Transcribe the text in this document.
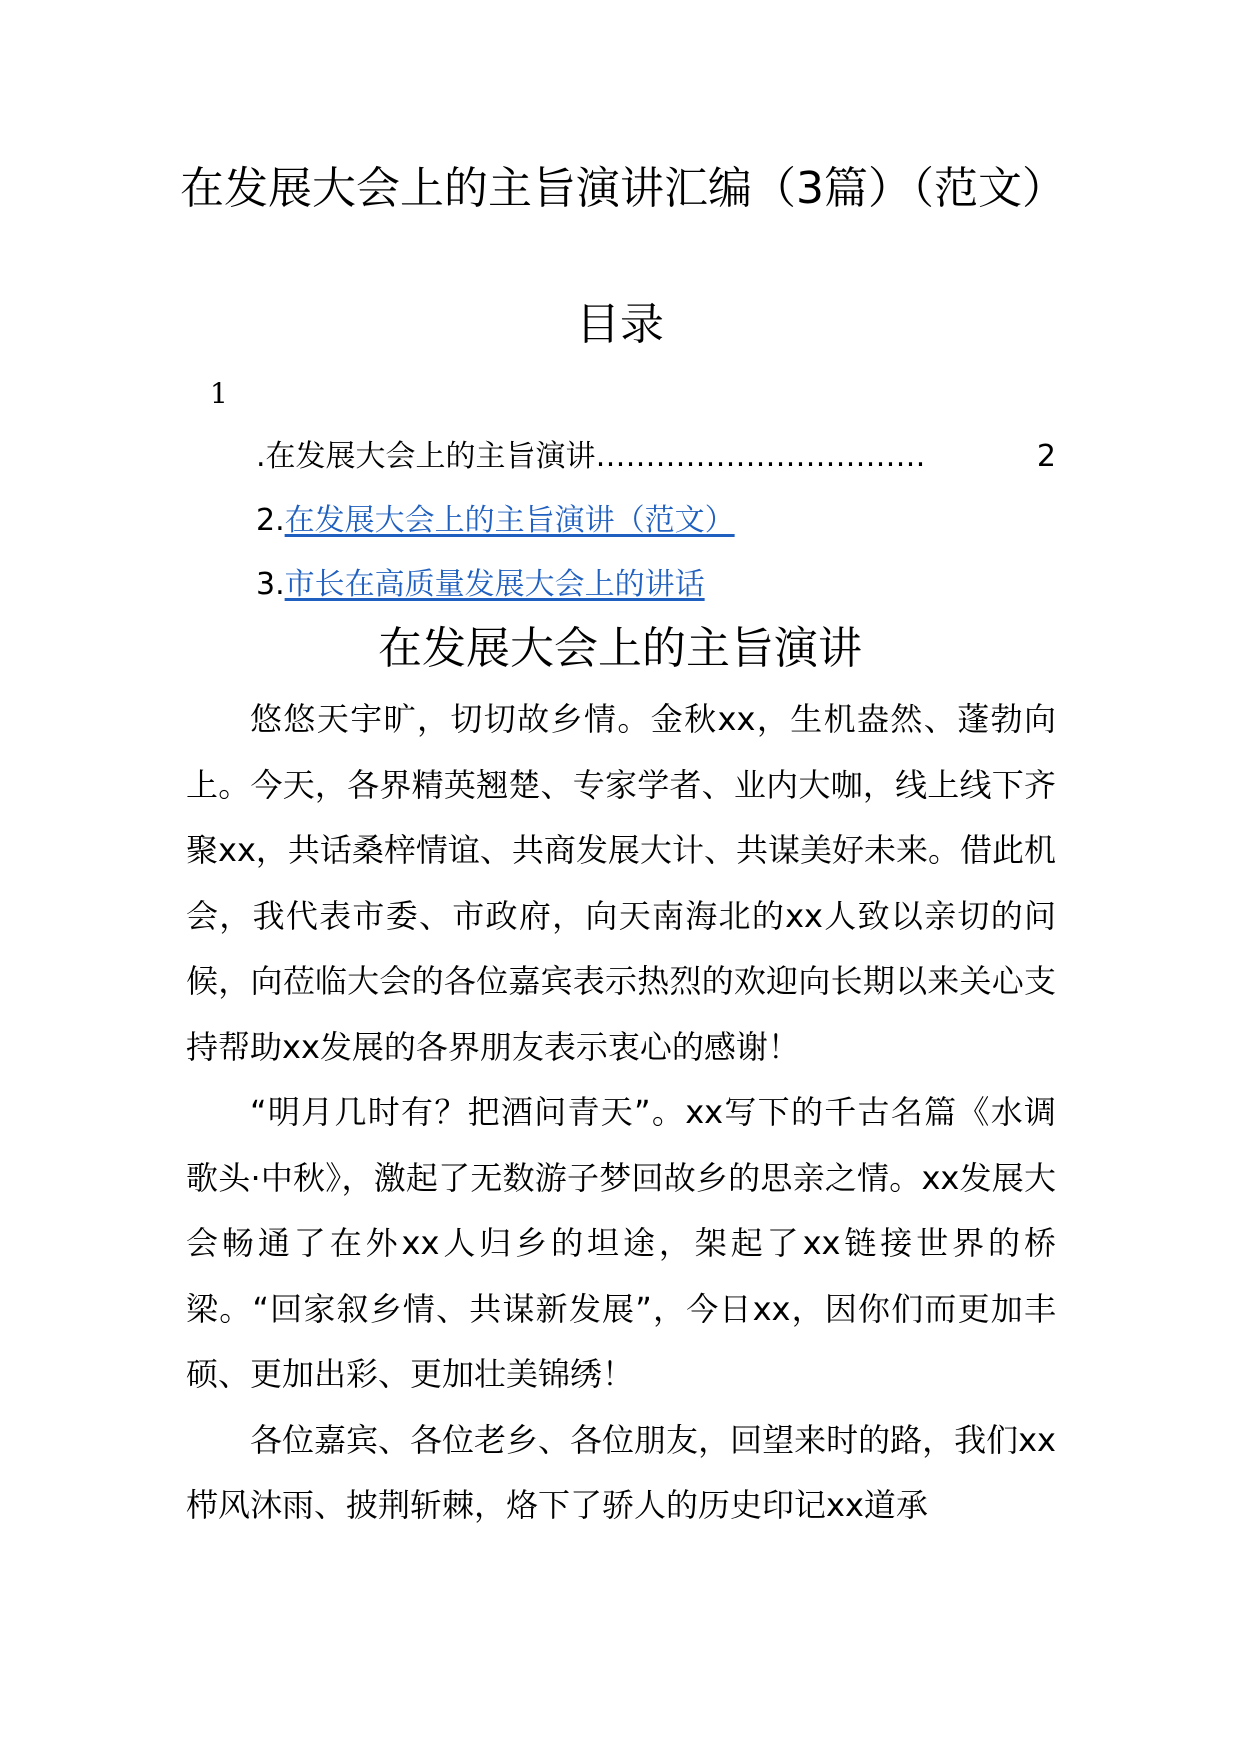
在发展大会上的主旨演讲汇编（3篇）（范文）
目录
1
.在发展大会上的主旨演讲……………………………	2
2.在发展大会上的主旨演讲（范文）
3.市长在高质量发展大会上的讲话
在发展大会上的主旨演讲

悠悠天宇旷，切切故乡情。金秋xx，生机盎然、蓬勃向上。今天，各界精英翘楚、专家学者、业内大咖，线上线下齐聚xx，共话桑梓情谊、共商发展大计、共谋美好未来。借此机会，我代表市委、市政府，向天南海北的xx人致以亲切的问候，向莅临大会的各位嘉宾表示热烈的欢迎向长期以来关心支持帮助xx发展的各界朋友表示衷心的感谢！

“明月几时有？把酒问青天”。xx写下的千古名篇《水调歌头·中秋》，激起了无数游子梦回故乡的思亲之情。xx发展大会畅通了在外xx人归乡的坦途，架起了xx链接世界的桥梁。“回家叙乡情、共谋新发展”，今日xx，因你们而更加丰硕、更加出彩、更加壮美锦绣！

各位嘉宾、各位老乡、各位朋友，回望来时的路，我们xx栉风沐雨、披荆斩棘，烙下了骄人的历史印记xx道承
